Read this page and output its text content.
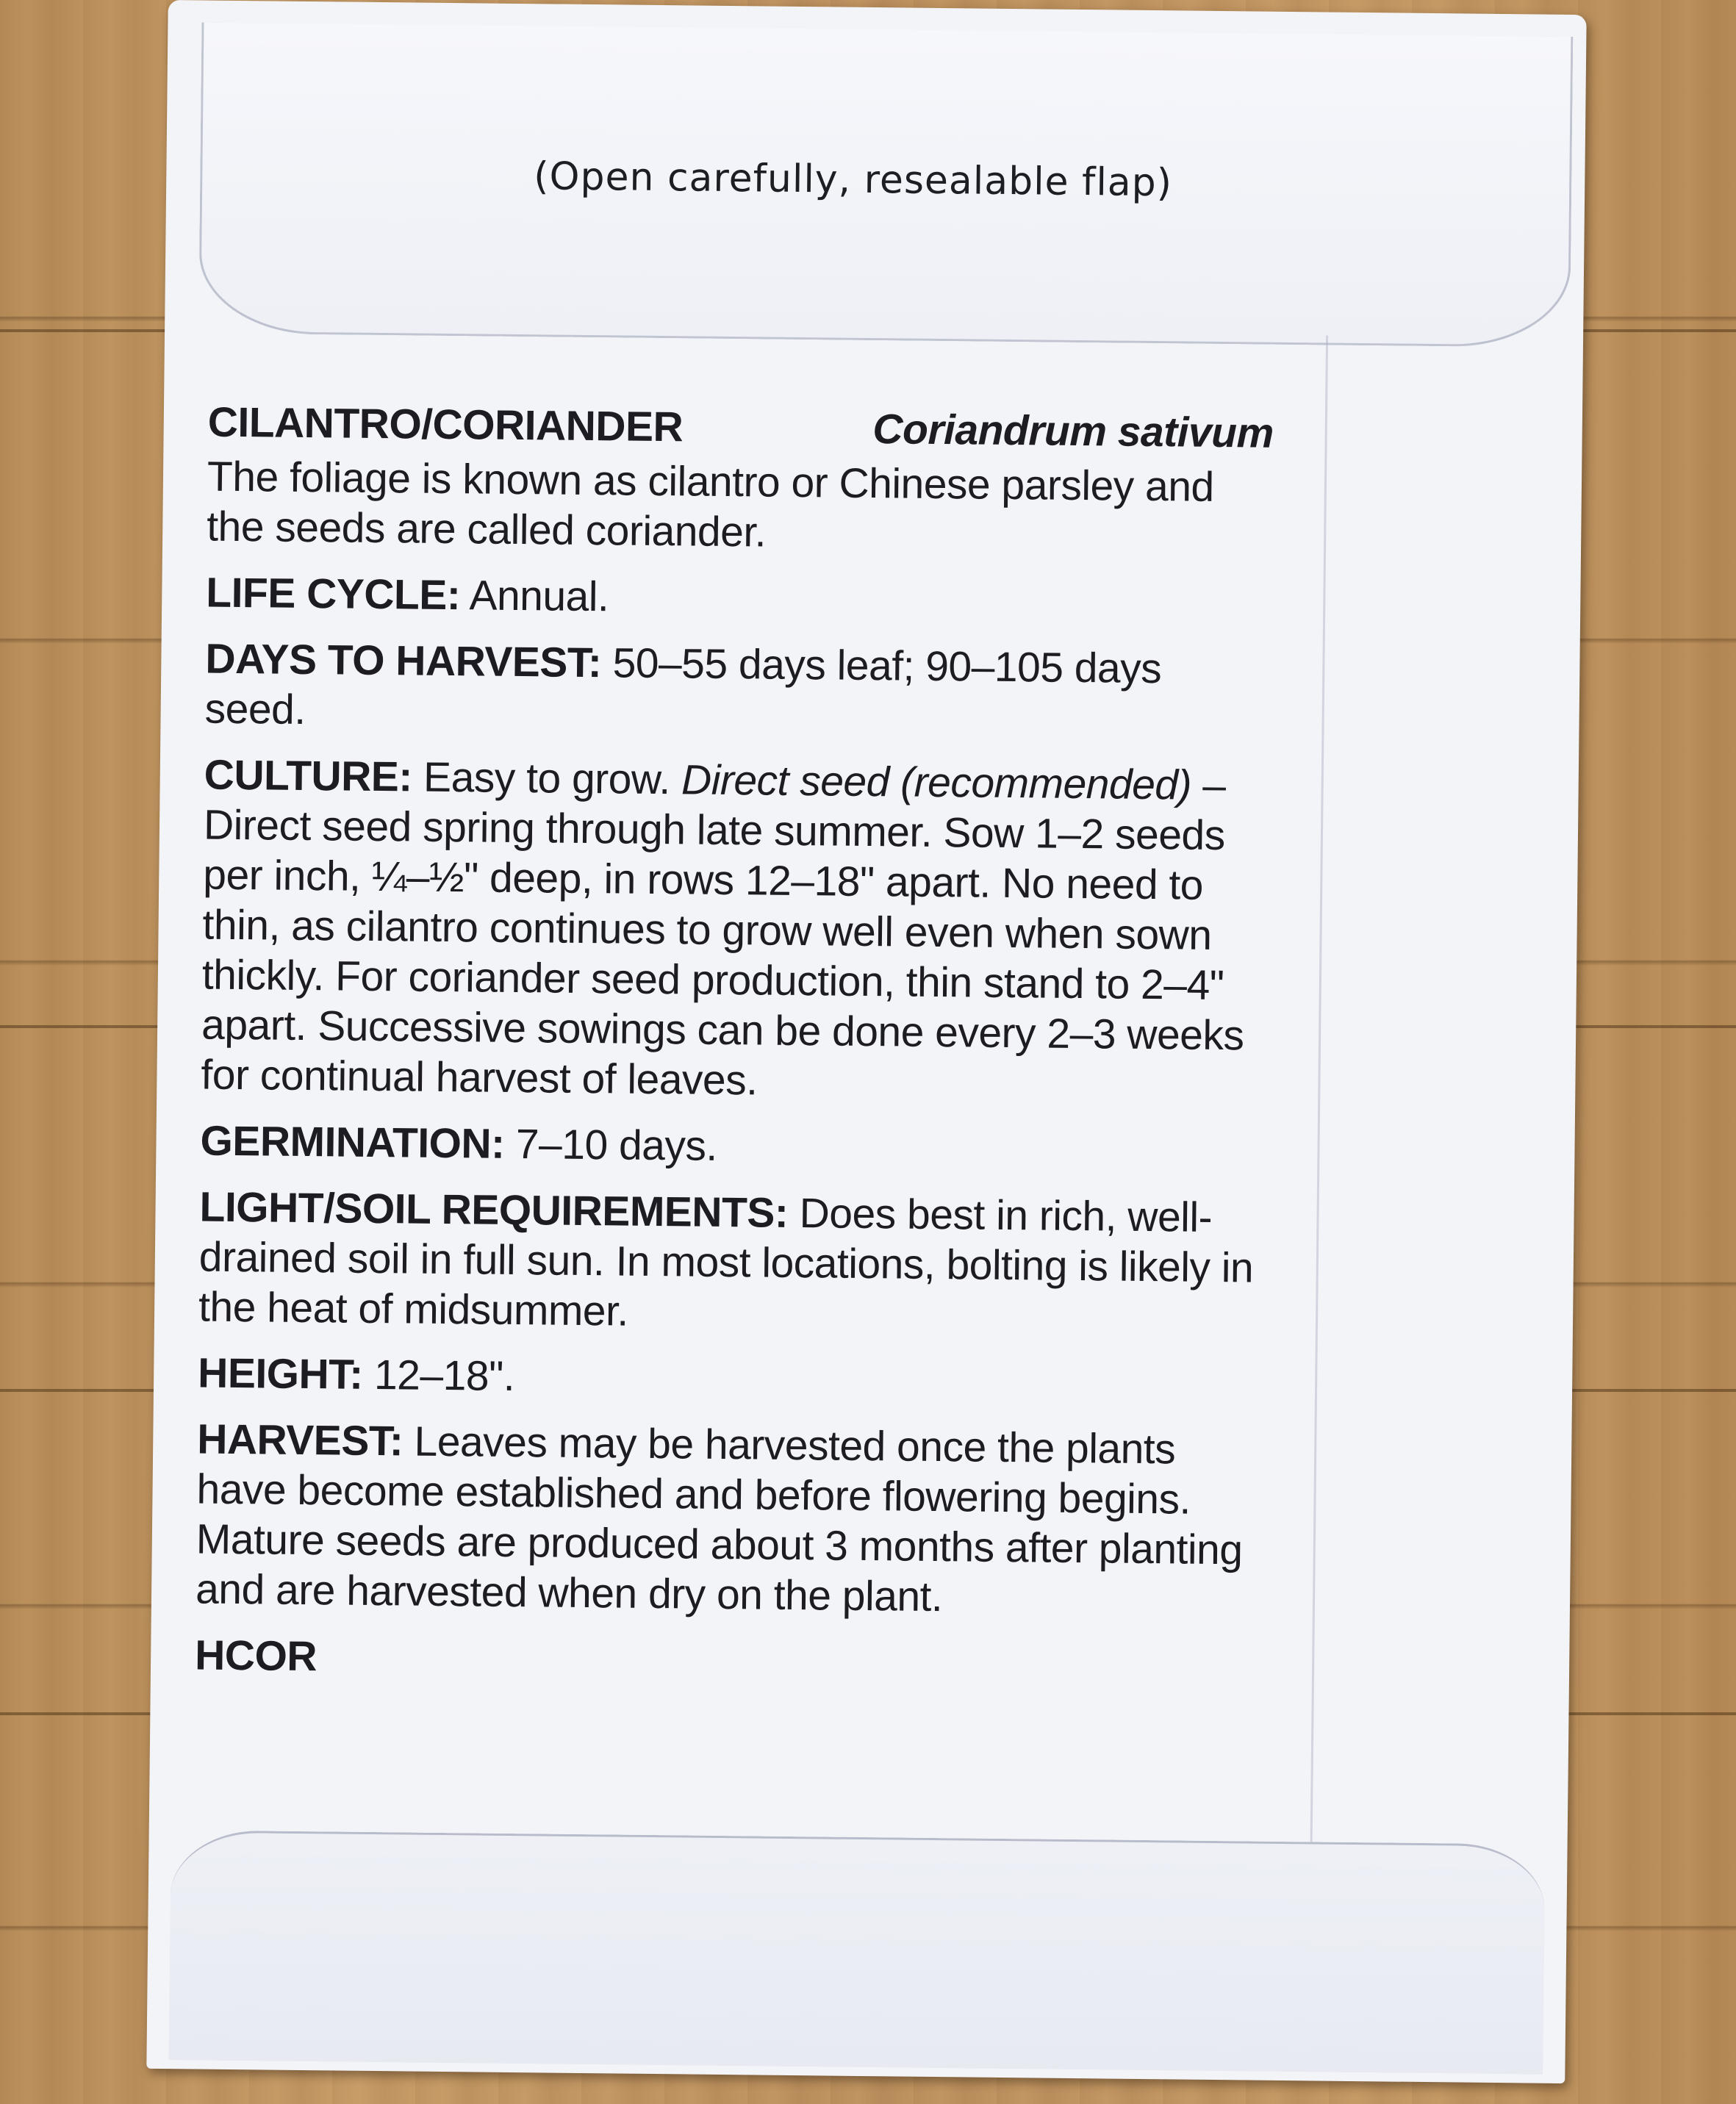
(Open carefully, resealable flap)
CILANTRO/CORIANDER	Coriandrum sativum

The foliage is known as cilantro or Chinese parsley and the seeds are called coriander.

LIFE CYCLE: Annual.

DAYS TO HARVEST: 50–55 days leaf; 90–105 days seed.

CULTURE: Easy to grow. Direct seed (recommended) – Direct seed spring through late summer. Sow 1–2 seeds per inch, ¼–½" deep, in rows 12–18" apart. No need to thin, as cilantro continues to grow well even when sown thickly. For coriander seed production, thin stand to 2–4" apart. Successive sowings can be done every 2–3 weeks for continual harvest of leaves.

GERMINATION: 7–10 days.

LIGHT/SOIL REQUIREMENTS: Does best in rich, well-drained soil in full sun. In most locations, bolting is likely in the heat of midsummer.

HEIGHT: 12–18".

HARVEST: Leaves may be harvested once the plants have become established and before flowering begins. Mature seeds are produced about 3 months after planting and are harvested when dry on the plant.

HCOR
